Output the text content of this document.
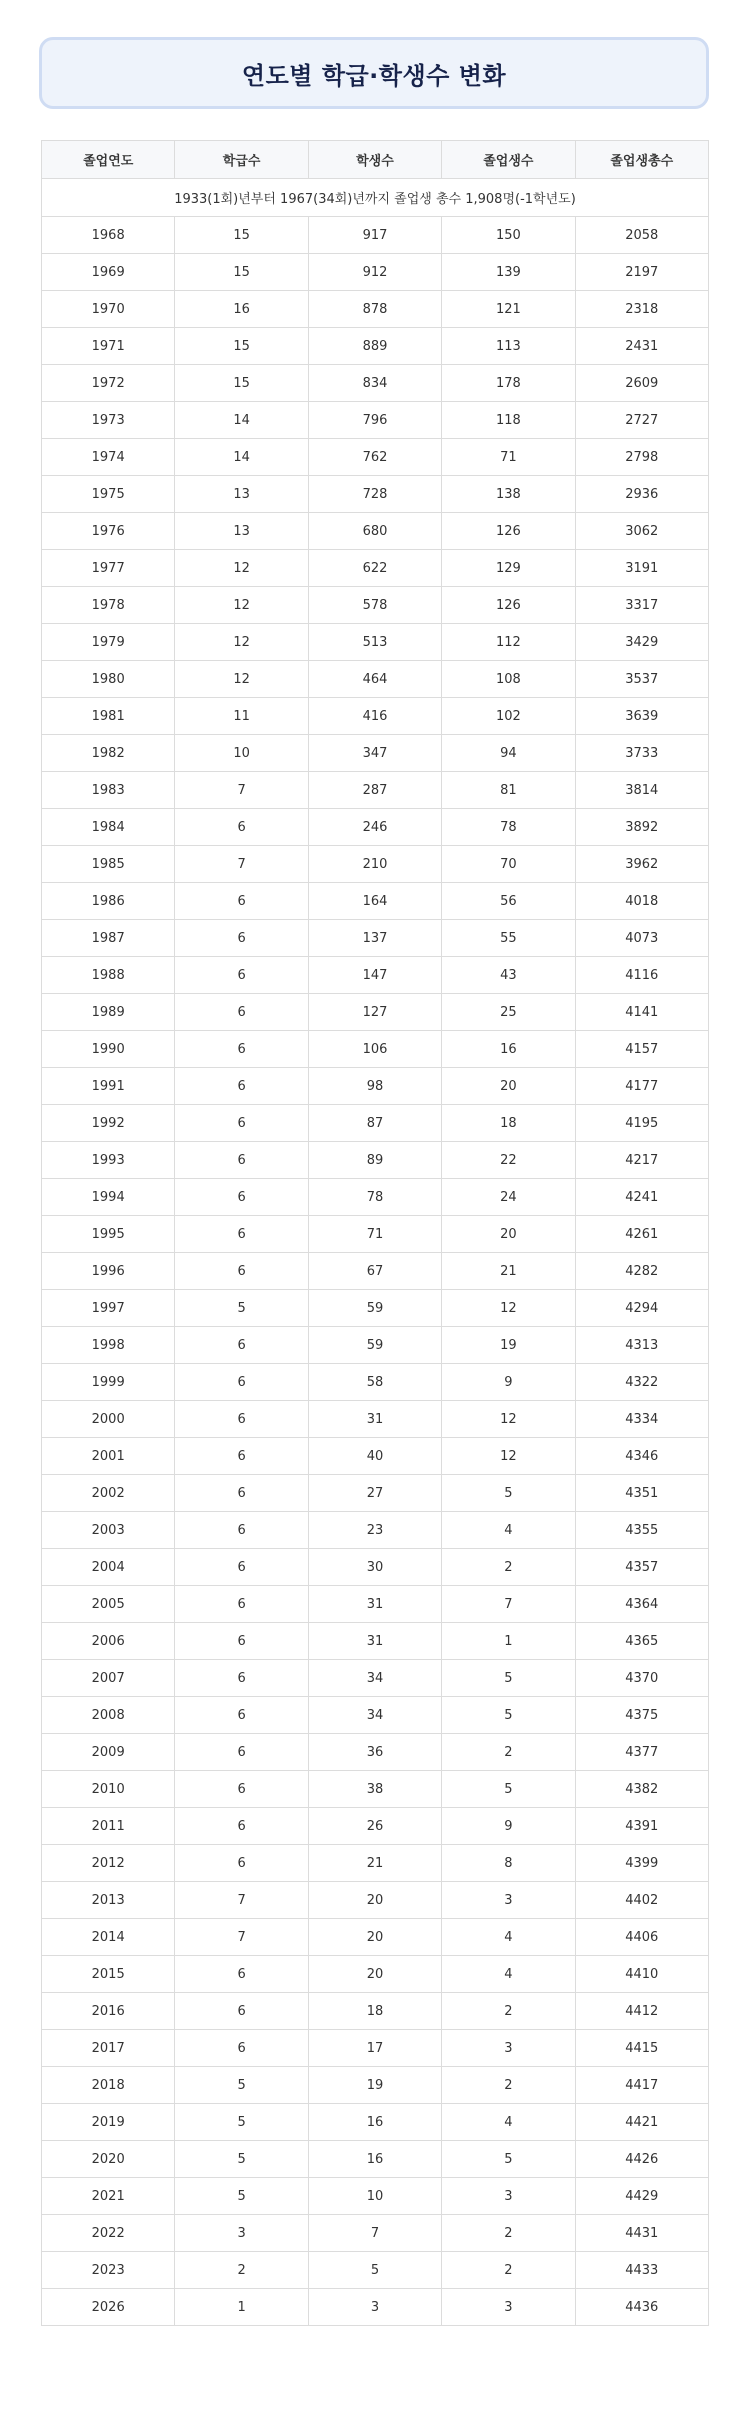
연도별 학급·학생수 변화
졸업연도	학급수	학생수	졸업생수	졸업생총수
1933(1회)년부터 1967(34회)년까지 졸업생 총수 1,908명(-1학년도)				
1968	15	917	150	2058
1969	15	912	139	2197
1970	16	878	121	2318
1971	15	889	113	2431
1972	15	834	178	2609
1973	14	796	118	2727
1974	14	762	71	2798
1975	13	728	138	2936
1976	13	680	126	3062
1977	12	622	129	3191
1978	12	578	126	3317
1979	12	513	112	3429
1980	12	464	108	3537
1981	11	416	102	3639
1982	10	347	94	3733
1983	7	287	81	3814
1984	6	246	78	3892
1985	7	210	70	3962
1986	6	164	56	4018
1987	6	137	55	4073
1988	6	147	43	4116
1989	6	127	25	4141
1990	6	106	16	4157
1991	6	98	20	4177
1992	6	87	18	4195
1993	6	89	22	4217
1994	6	78	24	4241
1995	6	71	20	4261
1996	6	67	21	4282
1997	5	59	12	4294
1998	6	59	19	4313
1999	6	58	9	4322
2000	6	31	12	4334
2001	6	40	12	4346
2002	6	27	5	4351
2003	6	23	4	4355
2004	6	30	2	4357
2005	6	31	7	4364
2006	6	31	1	4365
2007	6	34	5	4370
2008	6	34	5	4375
2009	6	36	2	4377
2010	6	38	5	4382
2011	6	26	9	4391
2012	6	21	8	4399
2013	7	20	3	4402
2014	7	20	4	4406
2015	6	20	4	4410
2016	6	18	2	4412
2017	6	17	3	4415
2018	5	19	2	4417
2019	5	16	4	4421
2020	5	16	5	4426
2021	5	10	3	4429
2022	3	7	2	4431
2023	2	5	2	4433
2026	1	3	3	4436
